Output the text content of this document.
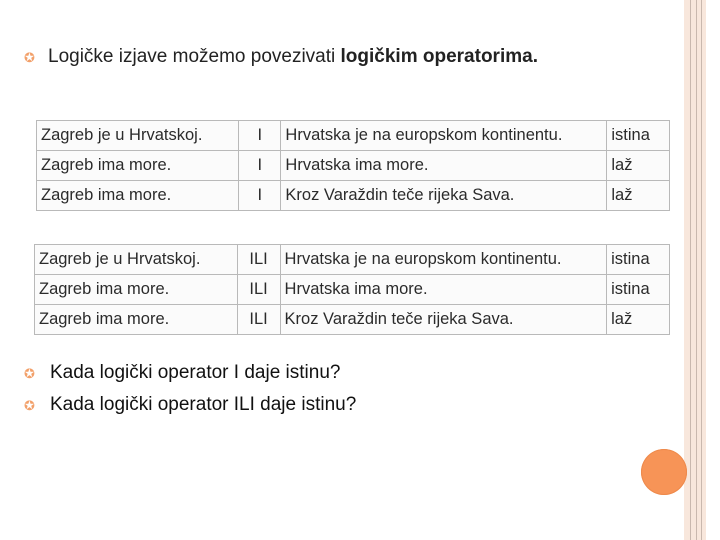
✪ Logičke izjave možemo povezivati logičkim operatorima.
Zagreb je u Hrvatskoj.	I	Hrvatska je na europskom kontinentu.	istina
Zagreb ima more.	I	Hrvatska ima more.	laž
Zagreb ima more.	I	Kroz Varaždin teče rijeka Sava.	laž
Zagreb je u Hrvatskoj.	ILI	Hrvatska je na europskom kontinentu.	istina
Zagreb ima more.	ILI	Hrvatska ima more.	istina
Zagreb ima more.	ILI	Kroz Varaždin teče rijeka Sava.	laž
✪ Kada logički operator I daje istinu?
✪ Kada logički operator ILI daje istinu?
